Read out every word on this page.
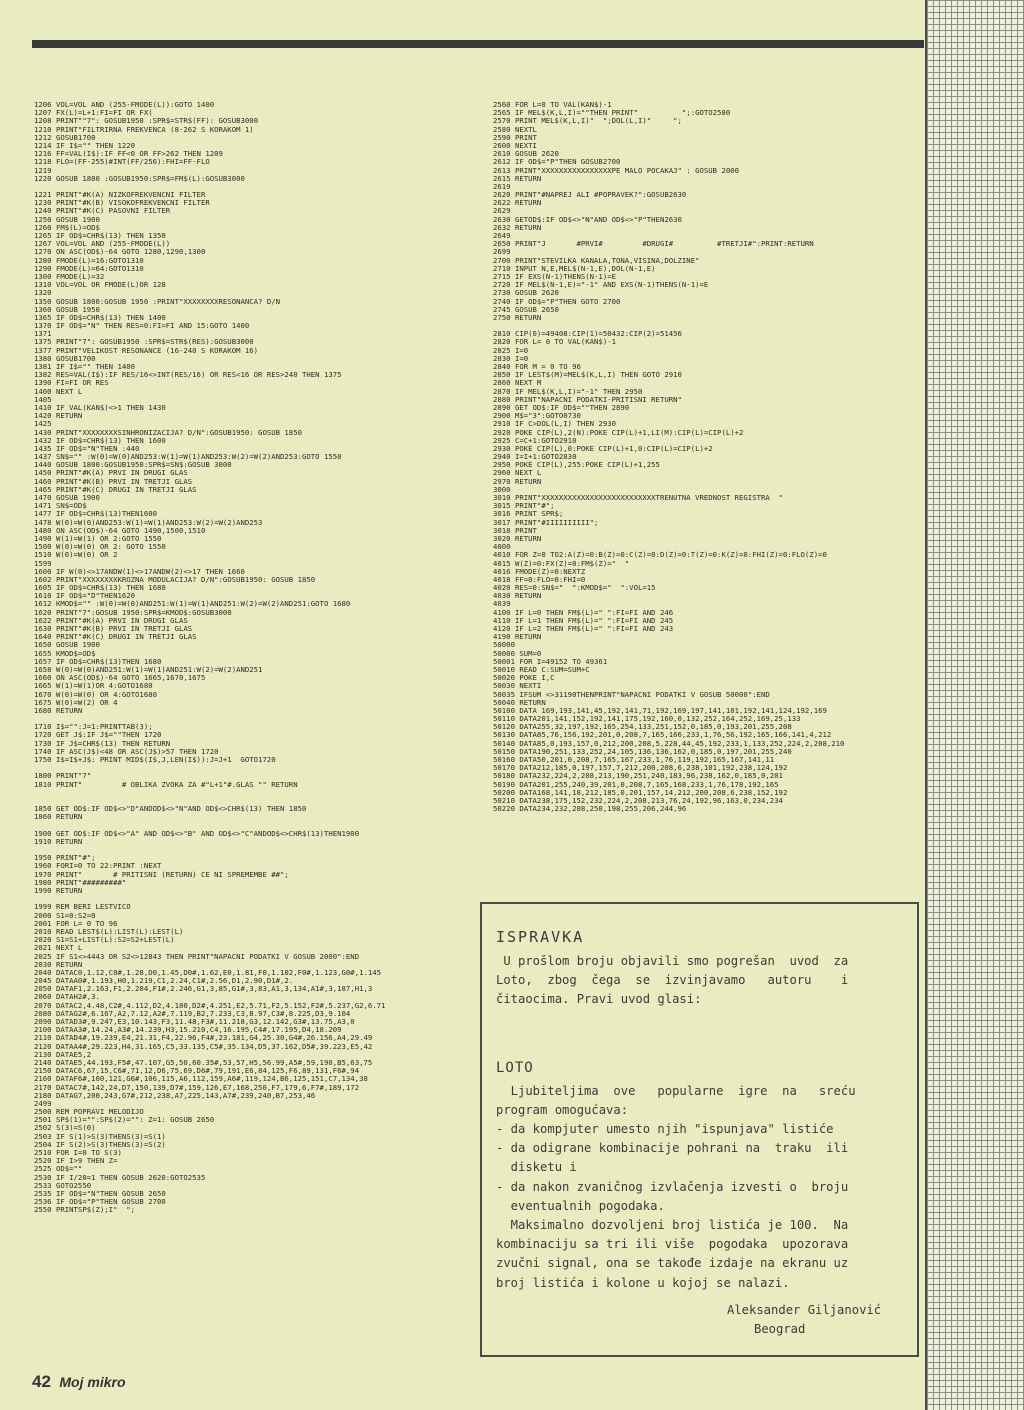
1206 VOL=VOL AND (255-FMODE(L)):GOTO 1400
1207 FX(L)=L+1:FI=FI OR FX(
1208 PRINT""7": GOSUB1950 :SPR$=STR$(FF): GOSUB3000
1210 PRINT"FILTRIRNA FREKVENCA (8-262 S KORAKOM 1)
1212 GOSUB1700
1214 IF I$="" THEN 1220
1216 FF=VAL(I$):IF FF<0 OR FF>262 THEN 1209
1218 FLO=(FF-255)#INT(FF/256):FHI=FF-FLO
1219
1220 GOSUB 1800 :GOSUB1950:SPR$=FM$(L):GOSUB3000
1221 PRINT"#K(A) NIZKOFREKVENCNI FILTER
1230 PRINT"#K(B) VISOKOFREKVENCNI FILTER
1240 PRINT"#K(C) PASOVNI FILTER
1250 GOSUB 1900
1260 FM$(L)=OD$
1265 IF OD$=CHR$(13) THEN 1350
1267 VOL=VOL AND (255-FMODE(L))
1270 ON ASC(OD$)-64 GOTO 1280,1290,1300
1280 FMODE(L)=16:GOTO1310
1290 FMODE(L)=64:GOTO1310
1300 FMODE(L)=32
1310 VOL=VOL OR FMODE(L)OR 128
1320
1350 GOSUB 1800:GOSUB 1950 :PRINT"XXXXXXXXRESONANCA? D/N
1360 GOSUB 1950
1365 IF OD$=CHR$(13) THEN 1400
1370 IF OD$="N" THEN RES=0:FI=FI AND 15:GOTO 1400
1371
1375 PRINT"7": GOSUB1950 :SPR$=STR$(RES):GOSUB3000
1377 PRINT"VELIKOST RESONANCE (16-240 S KORAKOM 16)
1380 GOSUB1700
1381 IF I$="" THEN 1400
1382 RES=VAL(I$):IF RES/16<>INT(RES/16) OR RES<16 OR RES>240 THEN 1375
1390 FI=FI OR RES
1400 NEXT L
1405
1410 IF VAL(KAN$)<>1 THEN 1430
1420 RETURN
1425
1430 PRINT"XXXXXXXXSINHRONIZACIJA? D/N":GOSUB1950: GOSUB 1850
1432 IF OD$=CHR$(13) THEN 1600
1435 IF OD$="N"THEN :440
1437 SN$="" :W(0)=W(0)AND253:W(1)=W(1)AND253:W(2)=W(2)AND253:GOTO 1550
1440 GOSUB 1800:GOSUB1950:SPR$=SN$:GOSUB 3000
1450 PRINT"#K(A) PRVI IN DRUGI GLAS
1460 PRINT"#K(B) PRVI IN TRETJI GLAS
1465 PRINT"#K(C) DRUGI IN TRETJI GLAS
1470 GOSUB 1900
1471 SN$=OD$
1477 IF OD$=CHR$(13)THEN1600
1478 W(0)=W(0)AND253:W(1)=W(1)AND253:W(2)=W(2)AND253
1480 ON ASC(OD$)-64 GOTO 1490,1500,1510
1490 W(1)=W(1) OR 2:GOTO 1550
1500 W(0)=W(0) OR 2: GOTO 1550
1510 W(0)=W(0) OR 2
1599
1600 IF W(0)<>17ANDW(1)<>17ANDW(2)<>17 THEN 1660
1602 PRINT"XXXXXXXXKROZNA MODULACIJA? D/N":GOSUB1950: GOSUB 1850
1605 IF OD$=CHR$(13) THEN 1680
1610 IF OD$="D"THEN1620
1612 KMOD$="" :W(0)=W(0)AND251:W(1)=W(1)AND251:W(2)=W(2)AND251:GOTO 1680
1620 PRINT"7":GOSUB 1950:SPR$=KMOD$:GOSUB3000
1622 PRINT"#K(A) PRVI IN DRUGI GLAS
1630 PRINT"#K(B) PRVI IN TRETJI GLAS
1640 PRINT"#K(C) DRUGI IN TRETJI GLAS
1650 GOSUB 1900
1655 KMOD$=OD$
1657 IF OD$=CHR$(13)THEN 1680
1658 W(0)=W(0)AND251:W(1)=W(1)AND251:W(2)=W(2)AND251
1660 ON ASC(OD$)-64 GOTO 1665,1670,1675
1665 W(1)=W(1)OR 4:GOTO1680
1670 W(0)=W(0) OR 4:GOTO1680
1675 W(0)=W(2) OR 4
1680 RETURN
1710 I$="":J=1:PRINTTAB(3);
1720 GET J$:IF J$=""THEN 1720
1730 IF J$=CHR$(13) THEN RETURN
1740 IF ASC(J$)<48 OR ASC(J$)>57 THEN 1720
1750 I$=I$+J$: PRINT MID$(I$,J,LEN(I$)):J=J+1  GOTO1720
1800 PRINT"7"
1810 PRINT"         # OBLIKA ZVOKA ZA #"L+1"#.GLAS "" RETURN
1850 GET OD$:IF OD$<>"D"ANDOD$<>"N"AND OD$<>CHR$(13) THEN 1850
1860 RETURN
1900 GET OD$:IF OD$<>"A" AND OD$<>"B" AND OD$<>"C"ANDOD$<>CHR$(13)THEN1900
1910 RETURN
1950 PRINT"#";
1960 FORI=0 TO 22:PRINT :NEXT
1970 PRINT"       # PRITISNI (RETURN) CE NI SPREMEMBE ##";
1980 PRINT"#########"
1990 RETURN
1999 REM BERI LESTVICO
2000 S1=0:S2=0
2001 FOR L= 0 TO 96
2010 READ LEST$(L):LIST(L):LEST(L)
2020 S1=S1+LIST(L):S2=S2+LEST(L)
2021 NEXT L
2025 IF S1<>4443 OR S2<>12843 THEN PRINT"NAPACNI PODATKI V GOSUB 2000":END
2030 RETURN
2040 DATAC0,1.12,C0#,1.28,D0,1.45,D0#,1.62,E0,1.81,F0,1.102,F0#,1.123,G0#,1.145
2045 DATAA0#,1.193,H0,1.219,C1,2.24,C1#,2.56,D1,2.90,D1#,2.
2050 DATAF1,2.163,F1,2.204,F1#,2.246,G1,3,85,G1#,3,83,A1,3,134,A1#,3,187,H1,3
2060 DATAH2#,3.
2070 DATAC2,4.48,C2#,4.112,D2,4.180,D2#,4.251,E2,5.71,F2,5.152,F2#,5.237,G2,6.71
2080 DATAG2#,6.167,A2,7.12,A2#,7.119,B2,7.233,C3,8.97,C3#,8.225,D3,9.104
2090 DATAD3#,9.247,E3,10.143,F3,11.48,F3#,11.218,G3,12.142,G3#,13.75,A3,0
2100 DATAA3#,14.24,A3#,14.239,H3,15.210,C4,16.195,C4#,17.195,D4,18.209
2110 DATAD4#,19.239,E4,21.31,F4,22.96,F4#,23.181,G4,25.30,G4#,26.156,A4,29.49
2120 DATAA4#,29.223,H4,31.165,C5,33.135,C5#,35.134,D5,37.162,D5#,39.223,E5,42
2130 DATAE5,2
2140 DATAE5,44.193,F5#,47.107,G5,50,60.35#,53,57,H5,56.99,A5#,59,190,B5,63,75
2150 DATAC6,67,15,C6#,71,12,D6,75,69,D6#,79,191,E6,84,125,F6,89,131,F6#,94
2160 DATAF6#,100,121,G6#,106,115,A6,112,159,A6#,119,124,B6,125,151,C7,134,38
2170 DATAC7#,142,24,D7,150,139,D7#,159,126,E7,168,250,F7,179,6,F7#,189,172
2180 DATAG7,200,243,G7#,212,238,A7,225,143,A7#,239,240,B7,253,46
2499
2500 REM POPRAVI MELODIJO
2501 SP$(1)="":SP$(2)="": Z=1: GOSUB 2650
2502 S(3)=S(0)
2503 IF S(1)>S(3)THENS(3)=S(1)
2504 IF S(2)>S(3)THENS(3)=S(2)
2510 FOR I=0 TO S(3)
2520 IF I>9 THEN Z=
2525 OD$=""
2530 IF I/20=1 THEN GOSUB 2620:GOTO2535
2533 GOTO2550
2535 IF OD$="N"THEN GOSUB 2650
2536 IF OD$="P"THEN GOSUB 2700
2550 PRINTSP$(Z);I"  ";
2560 FOR L=0 TO VAL(KAN$)-1
2565 IF MEL$(K,L,I)=""THEN PRINT"          ";:GOTO2580
2570 PRINT MEL$(K,L,I)"  ";DOL(L,I)"     ";
2580 NEXTL
2590 PRINT
2600 NEXTI
2610 GOSUB 2620
2612 IF OD$="P"THEN GOSUB2700
2613 PRINT"XXXXXXXXXXXXXXXXPE MALO POCAKAJ" : GOSUB 2000
2615 RETURN
2619
2620 PRINT"#NAPREJ ALI #POPRAVEK?":GOSUB2630
2622 RETURN
2629
2630 GETOD$:IF OD$<>"N"AND OD$<>"P"THEN2630
2632 RETURN
2649
2650 PRINT"J       #PRVI#         #DRUGI#          #TRETJI#":PRINT:RETURN
2699
2700 PRINT"STEVILKA KANALA,TONA,VISINA,DOLZINE"
2710 INPUT N,E,MEL$(N-1,E),DOL(N-1,E)
2715 IF EXS(N-1)THENS(N-1)=E
2720 IF MEL$(N-1,E)="-1" AND EXS(N-1)THENS(N-1)=E
2730 GOSUB 2620
2740 IF OD$="P"THEN GOTO 2700
2745 GOSUB 2650
2750 RETURN
2810 CIP(0)=49408:CIP(1)=50432:CIP(2)=51456
2820 FOR L= 0 TO VAL(KAN$)-1
2825 I=0
2830 I=0
2840 FOR M = 0 TO 96
2850 IF LEST$(M)=MEL$(K,L,I) THEN GOTO 2910
2860 NEXT M
2870 IF MEL$(K,L,I)="-1" THEN 2950
2880 PRINT"NAPACNI PODATKI-PRITISNI RETURN"
2890 GET OD$:IF OD$=""THEN 2890
2900 M$="3":GOTO0730
2910 IF C>DOL(L,I) THEN 2930
2920 POKE CIP(L),2(N):POKE CIP(L)+1,LI(M):CIP(L)=CIP(L)+2
2925 C=C+1:GOTO2910
2930 POKE CIP(L),0:POKE CIP(L)+1,0:CIP(L)=CIP(L)+2
2940 I=I+1:GOTO2830
2950 POKE CIP(L),255:POKE CIP(L)+1,255
2960 NEXT L
2970 RETURN
3000
3010 PRINT"XXXXXXXXXXXXXXXXXXXXXXXXXXTRENUTNA VREDNOST REGISTRA  "
3015 PRINT"#";
3016 PRINT SPR$;
3017 PRINT"#IIIIIIIIII";
3018 PRINT
3020 RETURN
4000
4010 FOR Z=0 TO2:A(Z)=0:B(Z)=0:C(Z)=0:D(Z)=0:T(Z)=0:K(Z)=0:FHI(Z)=0:FLO(Z)=0
4015 W(Z)=0:FX(Z)=0:FM$(Z)="  "
4016 FMODE(Z)=0:NEXTZ
4018 FF=0:FLO=0:FHI=0
4020 RES=0:SN$="  ":KMOD$="  ":VOL=15
4030 RETURN
4039
4100 IF L=0 THEN FM$(L)=" ":FI=FI AND 246
4110 IF L=1 THEN FM$(L)=" ":FI=FI AND 245
4120 IF L=2 THEN FM$(L)=" ":FI=FI AND 243
4190 RETURN
50000
50000 SUM=0
50001 FOR I=49152 TO 49361
50010 READ C:SUM=SUM+C
50020 POKE I,C
50030 NEXTI
50035 IFSUM <>31190THENPRINT"NAPACNI PODATKI V GOSUB 50000":END
50040 RETURN
50100 DATA 169,193,141,45,192,141,71,192,169,197,141,101,192,141,124,192,169
50110 DATA201,141,152,192,141,175,192,160,0,132,252,164,252,169,25,133
50120 DATA255,32,197,192,165,254,133,251,152,0,185,0,193,201,255,208
50130 DATA85,76,156,192,201,0,208,7,165,166,233,1,76,56,192,165,166,141,4,212
50140 DATA85,0,193,157,0,212,200,208,5,228,44,45,192,233,1,133,252,224,2,208,210
50150 DATA190,251,133,252,24,105,136,136,162,0,185,0,197,201,255,240
50160 DATA50,201,0,208,7,165,167,233,1,76,119,192,165,167,141,11
50170 DATA212,185,0,197,157,7,212,200,208,6,238,101,192,238,124,192
50180 DATA232,224,2,208,213,190,251,240,183,96,238,162,0,185,0,201
50190 DATA201,255,240,39,201,0,208,7,165,168,233,1,76,178,192,165
50200 DATA168,141,18,212,185,0,201,157,14,212,200,208,6,238,152,192
50210 DATA238,175,152,232,224,2,208,213,76,24,192,96,163,0,234,234
50220 DATA234,232,208,250,198,255,206,244,96
ISPRAVKA

U prošlom broju objavili smo pogrešan  uvod  za

Loto,  zbog  čega  se  izvinjavamo   autoru    i

čitaocima. Pravi uvod glasi:

LOTO

Ljubiteljima  ove   popularne  igre  na   sreću

program omogućava:

- da kompjuter umesto njih "ispunjava" listiće

- da odigrane kombinacije pohrani na  traku  ili

disketu i

- da nakon zvaničnog izvlačenja izvesti o  broju

eventualnih pogodaka.

Maksimalno dozvoljeni broj listića je 100.  Na

kombinaciju sa tri ili više  pogodaka  upozorava

zvučni signal, ona se takođe izdaje na ekranu uz

broj listića i kolone u kojoj se nalazi.

Aleksander Giljanović
Beograd
42 Moj mikro
